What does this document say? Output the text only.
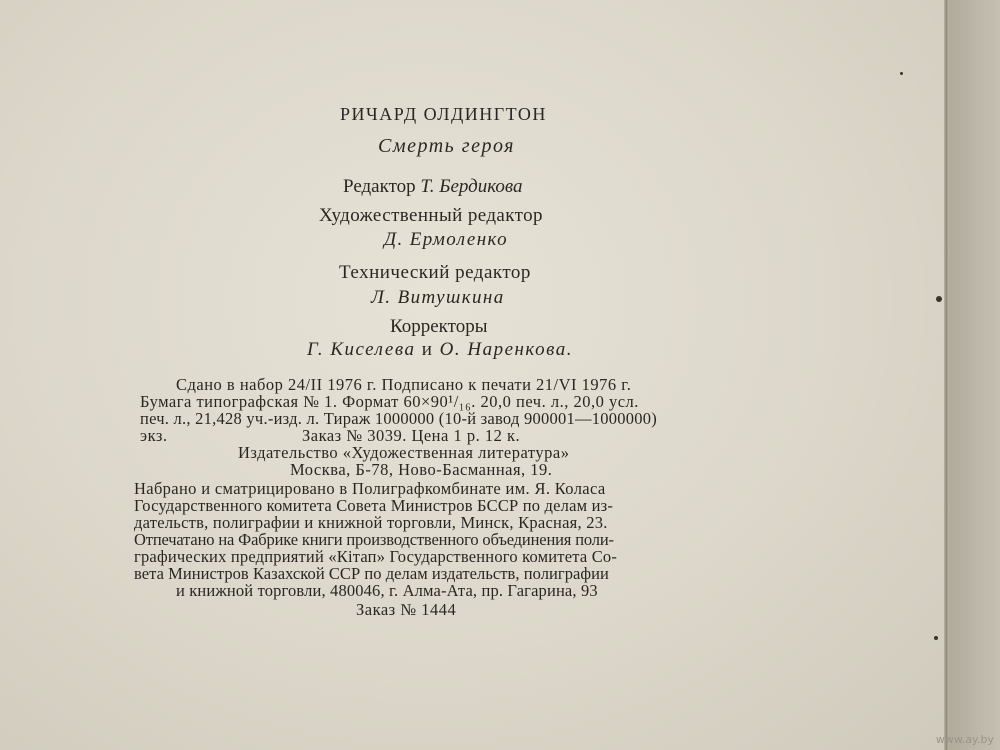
РИЧАРД ОЛДИНГТОН
Смерть героя
Редактор Т. Бердикова
Художественный редактор
Д. Ермоленко
Технический редактор
Л. Витушкина
Корректоры
Г. Киселева и О. Наренкова.
Сдано в набор 24/II 1976 г. Подписано к печати 21/VI 1976 г.
Бумага типографская № 1. Формат 60×90¹/₁₆. 20,0 печ. л., 20,0 усл.
печ. л., 21,428 уч.-изд. л. Тираж 1000000 (10-й завод 900001—1000000)
экз.	Заказ № 3039. Цена 1 р. 12 к.
Издательство «Художественная литература»
Москва, Б-78, Ново-Басманная, 19.
Набрано и сматрицировано в Полиграфкомбинате им. Я. Коласа
Государственного комитета Совета Министров БССР по делам из-
дательств, полиграфии и книжной торговли, Минск, Красная, 23.
Отпечатано на Фабрике книги производственного объединения поли-
графических предприятий «Кітап» Государственного комитета Со-
вета Министров Казахской ССР по делам издательств, полиграфии
и книжной торговли, 480046, г. Алма-Ата, пр. Гагарина, 93
Заказ № 1444
www.ay.by
